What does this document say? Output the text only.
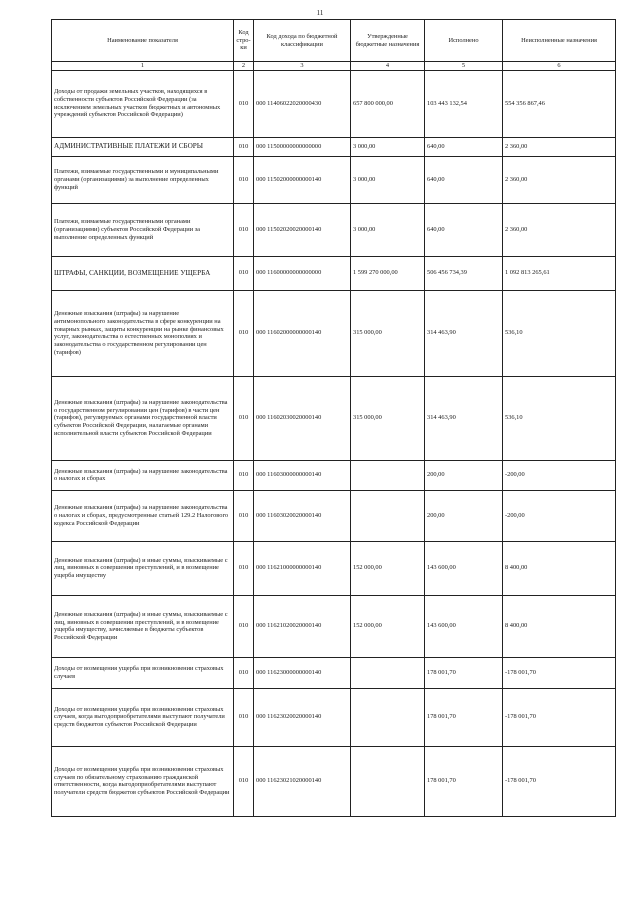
11
Наименование показателя	Код стро-ки	Код дохода по бюджетной классификации	Утвержденные бюджетные назначения	Исполнено	Неисполненные назначения
1	2	3	4	5	6
Доходы от продажи земельных участков, находящихся в собственности субъектов Российской Федерации (за исключением земельных участков бюджетных и автономных учреждений субъектов Российской Федерации)	010	000 11406022020000430	657 800 000,00	103 443 132,54	554 356 867,46
АДМИНИСТРАТИВНЫЕ ПЛАТЕЖИ И СБОРЫ	010	000 11500000000000000	3 000,00	640,00	2 360,00
Платежи, взимаемые государственными и муниципальными органами (организациями) за выполнение определенных функций	010	000 11502000000000140	3 000,00	640,00	2 360,00
Платежи, взимаемые государственными органами (организациями) субъектов Российской Федерации за выполнение определенных функций	010	000 11502020020000140	3 000,00	640,00	2 360,00
ШТРАФЫ, САНКЦИИ, ВОЗМЕЩЕНИЕ УЩЕРБА	010	000 11600000000000000	1 599 270 000,00	506 456 734,39	1 092 813 265,61
Денежные взыскания (штрафы) за нарушение антимонопольного законодательства в сфере конкуренции на товарных рынках, защиты конкуренции на рынке финансовых услуг, законодательства о естественных монополиях и законодательства о государственном регулировании цен (тарифов)	010	000 11602000000000140	315 000,00	314 463,90	536,10
Денежные взыскания (штрафы) за нарушение законодательства о государственном регулировании цен (тарифов) в части цен (тарифов), регулируемых органами государственной власти субъектов Российской Федерации, налагаемые органами исполнительной власти субъектов Российской Федерации	010	000 11602030020000140	315 000,00	314 463,90	536,10
Денежные взыскания (штрафы) за нарушение законодательства о налогах и сборах	010	000 11603000000000140		200,00	-200,00
Денежные взыскания (штрафы) за нарушение законодательства о налогах и сборах, предусмотренные статьей 129.2 Налогового кодекса Российской Федерации	010	000 11603020020000140		200,00	-200,00
Денежные взыскания (штрафы) и иные суммы, взыскиваемые с лиц, виновных в совершении преступлений, и в возмещение ущерба имуществу	010	000 11621000000000140	152 000,00	143 600,00	8 400,00
Денежные взыскания (штрафы) и иные суммы, взыскиваемые с лиц, виновных в совершении преступлений, и в возмещение ущерба имуществу, зачисляемые в бюджеты субъектов Российской Федерации	010	000 11621020020000140	152 000,00	143 600,00	8 400,00
Доходы от возмещения ущерба при возникновении страховых случаев	010	000 11623000000000140		178 001,70	-178 001,70
Доходы от возмещения ущерба при возникновении страховых случаев, когда выгодоприобретателями выступают получатели средств бюджетов субъектов Российской Федерации	010	000 11623020020000140		178 001,70	-178 001,70
Доходы от возмещения ущерба при возникновении страховых случаев по обязательному страхованию гражданской ответственности, когда выгодоприобретателями выступают получатели средств бюджетов субъектов Российской Федерации	010	000 11623021020000140		178 001,70	-178 001,70
